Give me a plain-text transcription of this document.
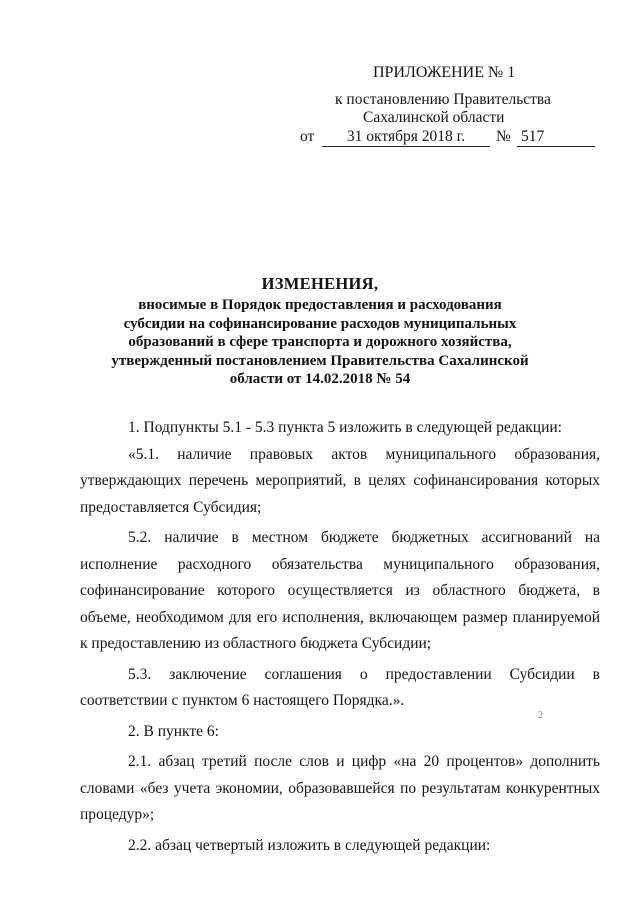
ПРИЛОЖЕНИЕ № 1
к постановлению Правительства
Сахалинской области
от	31 октября 2018 г.	№ 517
ИЗМЕНЕНИЯ,
вносимые в Порядок предоставления и расходования
субсидии на софинансирование расходов муниципальных
образований в сфере транспорта и дорожного хозяйства,
утвержденный постановлением Правительства Сахалинской
области от 14.02.2018 № 54

1. Подпункты 5.1 - 5.3 пункта 5 изложить в следующей редакции:

«5.1. наличие правовых актов муниципального образования, утверждающих перечень мероприятий, в целях софинансирования которых предоставляется Субсидия;

5.2. наличие в местном бюджете бюджетных ассигнований на исполнение расходного обязательства муниципального образования, софинансирование которого осуществляется из областного бюджета, в объеме, необходимом для его исполнения, включающем размер планируемой к предоставлению из областного бюджета Субсидии;

5.3. заключение соглашения о предоставлении Субсидии в соответствии с пунктом 6 настоящего Порядка.».

2. В пункте 6:

2.1. абзац третий после слов и цифр «на 20 процентов» дополнить словами «без учета экономии, образовавшейся по результатам конкурентных процедур»;

2.2. абзац четвертый изложить в следующей редакции:

2
